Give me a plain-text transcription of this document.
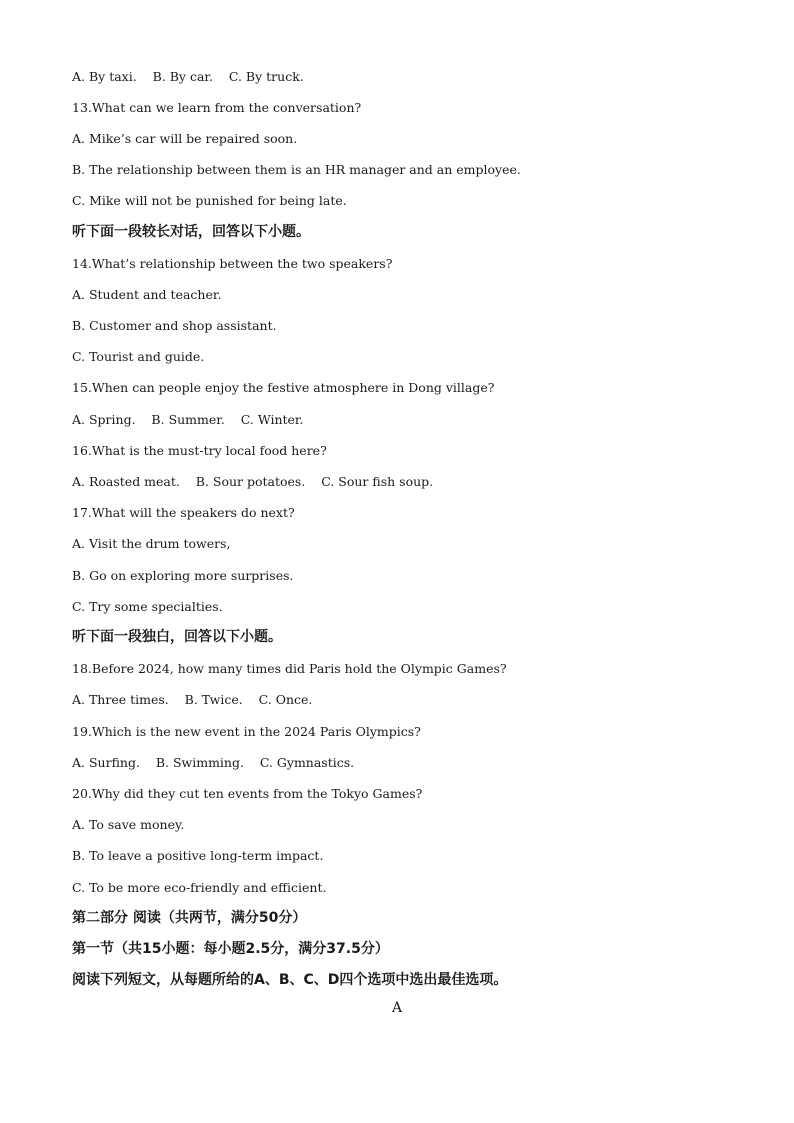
A. By taxi.    B. By car.    C. By truck.
13.What can we learn from the conversation?
A. Mike’s car will be repaired soon.
B. The relationship between them is an HR manager and an employee.
C. Mike will not be punished for being late.
听下面一段较长对话，回答以下小题。
14.What’s relationship between the two speakers?
A. Student and teacher.
B. Customer and shop assistant.
C. Tourist and guide.
15.When can people enjoy the festive atmosphere in Dong village?
A. Spring.    B. Summer.    C. Winter.
16.What is the must-try local food here?
A. Roasted meat.    B. Sour potatoes.    C. Sour fish soup.
17.What will the speakers do next?
A. Visit the drum towers,
B. Go on exploring more surprises.
C. Try some specialties.
听下面一段独白，回答以下小题。
18.Before 2024, how many times did Paris hold the Olympic Games?
A. Three times.    B. Twice.    C. Once.
19.Which is the new event in the 2024 Paris Olympics?
A. Surfing.    B. Swimming.    C. Gymnastics.
20.Why did they cut ten events from the Tokyo Games?
A. To save money.
B. To leave a positive long-term impact.
C. To be more eco-friendly and efficient.
第二部分 阅读（共两节，满分50分）
第一节（共15小题：每小题2.5分，满分37.5分）
阅读下列短文，从每题所给的A、B、C、D四个选项中选出最佳选项。
A
